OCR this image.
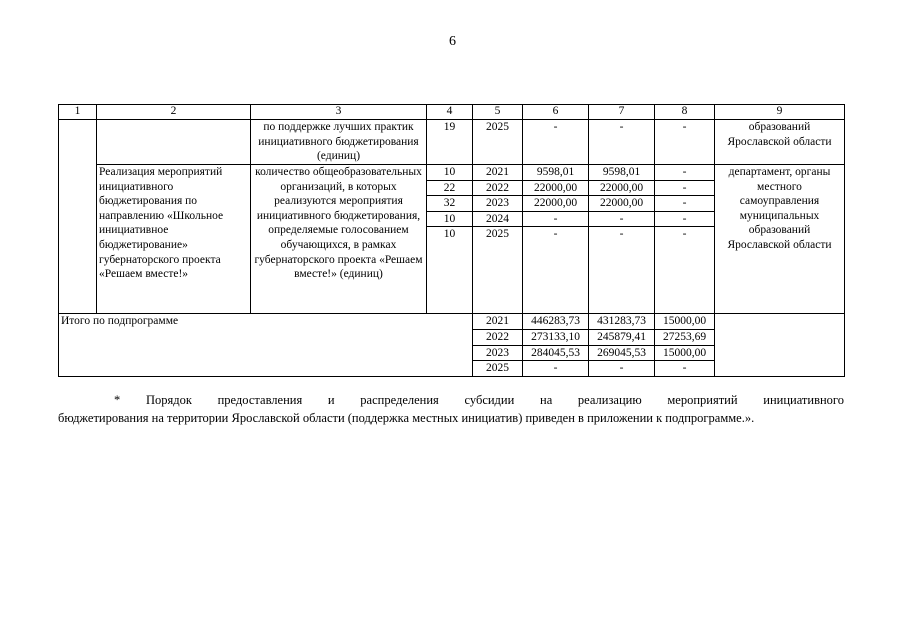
6
1	2	3	4	5	6	7	8	9
		по поддержке лучших практик инициативного бюджетирования (единиц)	19	2025	-	-	-	образований Ярославской области
	Реализация мероприятий инициативного бюджетирования по направлению «Школьное инициативное бюджетирование» губернаторского проекта «Решаем вместе!»	количество общеобразовательных организаций, в которых реализуются мероприятия инициативного бюджетирования, определяемые голосованием обучающихся, в рамках губернаторского проекта «Решаем вместе!» (единиц)	10	2021	9598,01	9598,01	-	департамент, органы местного самоуправления муниципальных образований Ярославской области
			22	2022	22000,00	22000,00	-	
			32	2023	22000,00	22000,00	-	
			10	2024	-	-	-	
			10	2025	-	-	-	
Итого по подпрограмме				2021	446283,73	431283,73	15000,00	
				2022	273133,10	245879,41	27253,69	
				2023	284045,53	269045,53	15000,00	
				2025	-	-	-	
* Порядок предоставления и распределения субсидии на реализацию мероприятий инициативного
бюджетирования на территории Ярославской области (поддержка местных инициатив) приведен в приложении к подпрограмме.».
